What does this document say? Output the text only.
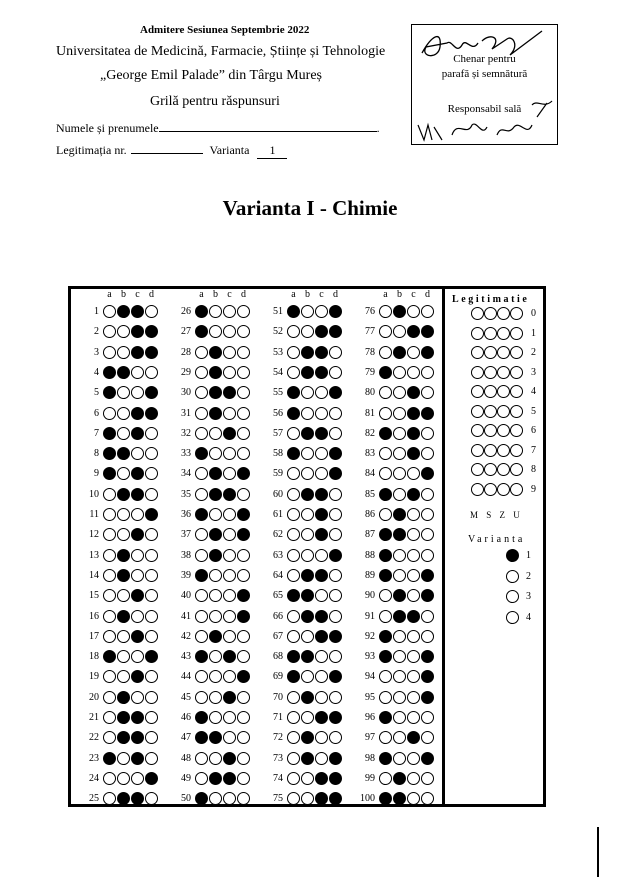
Admitere Sesiunea Septembrie 2022
Universitatea de Medicină, Farmacie, Științe și Tehnologie
„George Emil Palade” din Târgu Mureș
Grilă pentru răspunsuri
Numele și prenumele	.
Legitimația nr.	Varianta 1
Chenar pentru
parafă și semnătură
Responsabil sală
Varianta I - Chimie
a b c d
1
2
3
4
5
6
7
8
9
10
11
12
13
14
15
16
17
18
19
20
21
22
23
24
25
a b c d
26
27
28
29
30
31
32
33
34
35
36
37
38
39
40
41
42
43
44
45
46
47
48
49
50
a b c d
51
52
53
54
55
56
57
58
59
60
61
62
63
64
65
66
67
68
69
70
71
72
73
74
75
a b c d
76
77
78
79
80
81
82
83
84
85
86
87
88
89
90
91
92
93
94
95
96
97
98
99
100
Legitimatie
0
1
2
3
4
5
6
7
8
9
M S Z U
Varianta
1
2
3
4
